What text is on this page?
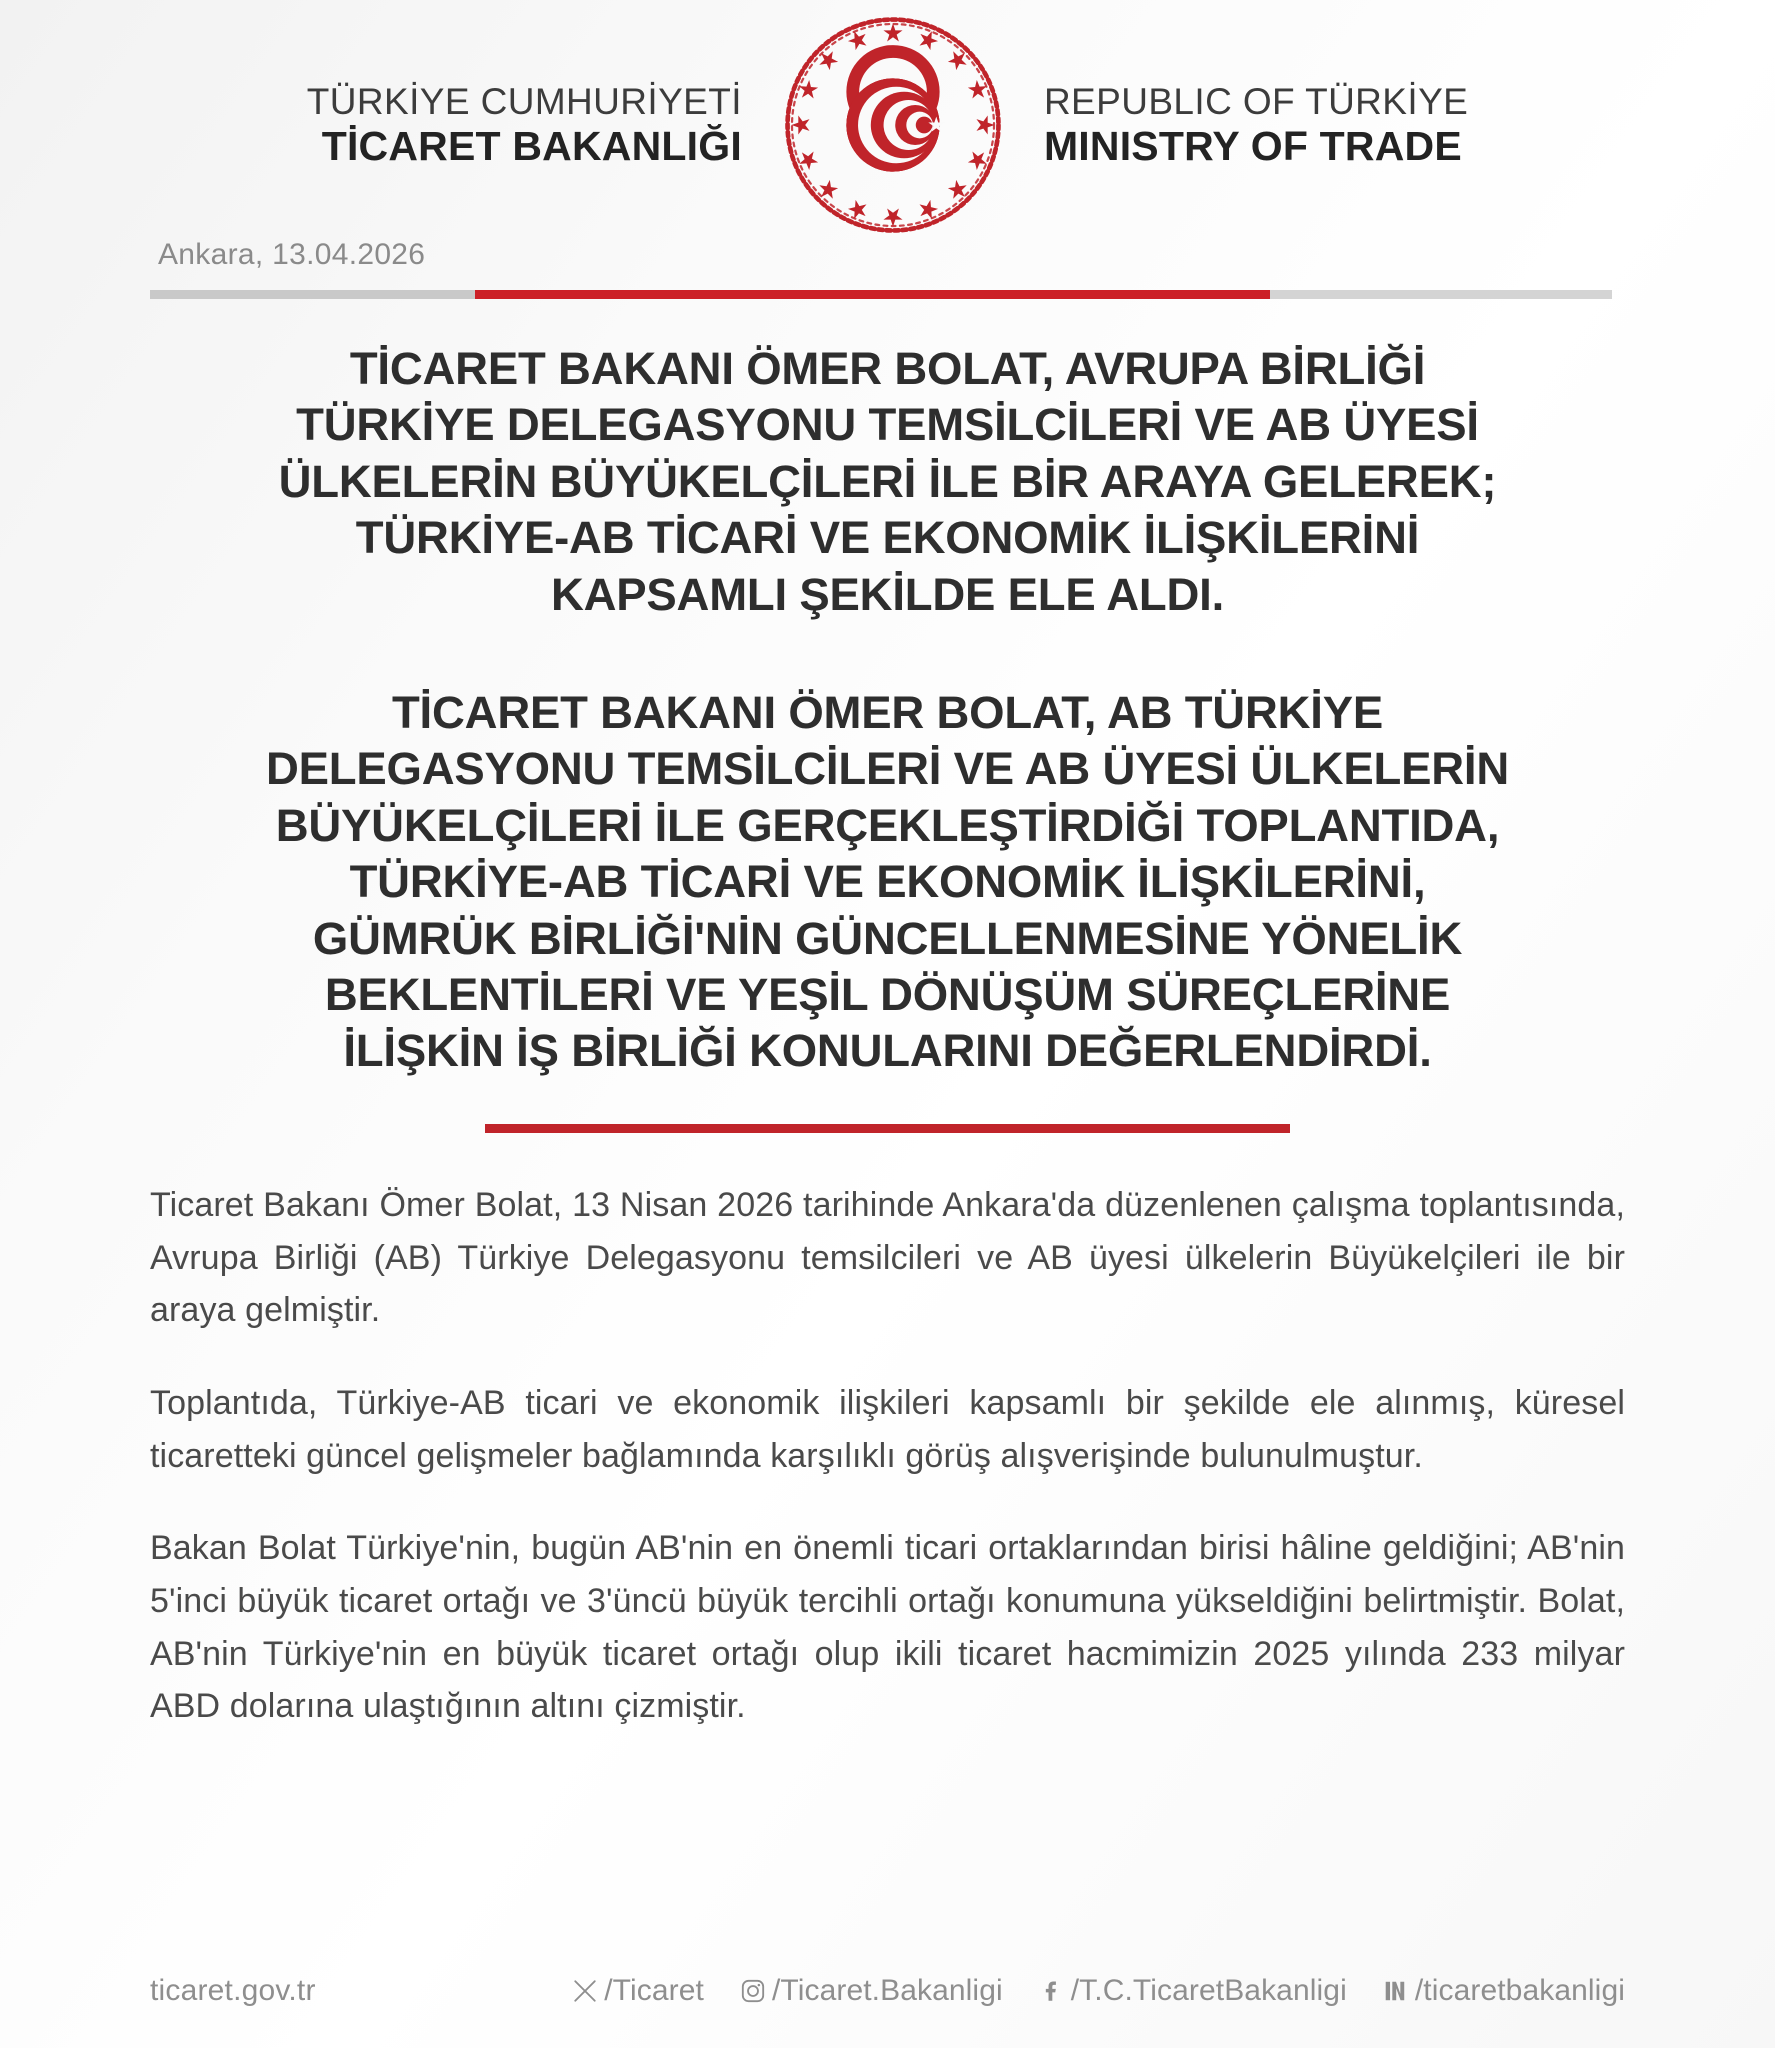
TÜRKİYE CUMHURİYETİ
TİCARET BAKANLIĞI
REPUBLIC OF TÜRKİYE
MINISTRY OF TRADE
Ankara, 13.04.2026
TİCARET BAKANI ÖMER BOLAT, AVRUPA BİRLİĞİ
TÜRKİYE DELEGASYONU TEMSİLCİLERİ VE AB ÜYESİ
ÜLKELERİN BÜYÜKELÇİLERİ İLE BİR ARAYA GELEREK;
TÜRKİYE-AB TİCARİ VE EKONOMİK İLİŞKİLERİNİ
KAPSAMLI ŞEKİLDE ELE ALDI.
TİCARET BAKANI ÖMER BOLAT, AB TÜRKİYE
DELEGASYONU TEMSİLCİLERİ VE AB ÜYESİ ÜLKELERİN
BÜYÜKELÇİLERİ İLE GERÇEKLEŞTİRDİĞİ TOPLANTIDA,
TÜRKİYE-AB TİCARİ VE EKONOMİK İLİŞKİLERİNİ,
GÜMRÜK BİRLİĞİ'NİN GÜNCELLENMESİNE YÖNELİK
BEKLENTİLERİ VE YEŞİL DÖNÜŞÜM SÜREÇLERİNE
İLİŞKİN İŞ BİRLİĞİ KONULARINI DEĞERLENDİRDİ.

Ticaret Bakanı Ömer Bolat, 13 Nisan 2026 tarihinde Ankara'da düzenlenen çalışma toplantısında, Avrupa Birliği (AB) Türkiye Delegasyonu temsilcileri ve AB üyesi ülkelerin Büyükelçileri ile bir araya gelmiştir.

Toplantıda, Türkiye-AB ticari ve ekonomik ilişkileri kapsamlı bir şekilde ele alınmış, küresel ticaretteki güncel gelişmeler bağlamında karşılıklı görüş alışverişinde bulunulmuştur.

Bakan Bolat Türkiye'nin, bugün AB'nin en önemli ticari ortaklarından birisi hâline geldiğini; AB'nin 5'inci büyük ticaret ortağı ve 3'üncü büyük tercihli ortağı konumuna yükseldiğini belirtmiştir. Bolat, AB'nin Türkiye'nin en büyük ticaret ortağı olup ikili ticaret hacmimizin 2025 yılında 233 milyar ABD dolarına ulaştığının altını çizmiştir.

ticaret.gov.tr	/Ticaret /Ticaret.Bakanligi /T.C.TicaretBakanligi /ticaretbakanligi
